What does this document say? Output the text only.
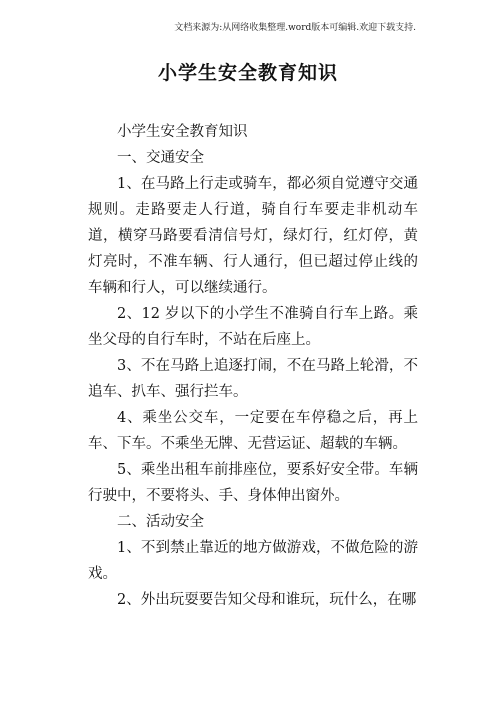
文档来源为:从网络收集整理.word版本可编辑.欢迎下载支持.
小学生安全教育知识

小学生安全教育知识

一、交通安全

1、在马路上行走或骑车，都必须自觉遵守交通规则。走路要走人行道，骑自行车要走非机动车道，横穿马路要看清信号灯，绿灯行，红灯停，黄灯亮时，不准车辆、行人通行，但已超过停止线的车辆和行人，可以继续通行。

2、12 岁以下的小学生不准骑自行车上路。乘坐父母的自行车时，不站在后座上。

3、不在马路上追逐打闹，不在马路上轮滑，不追车、扒车、强行拦车。

4、乘坐公交车，一定要在车停稳之后，再上车、下车。不乘坐无牌、无营运证、超载的车辆。

5、乘坐出租车前排座位，要系好安全带。车辆行驶中，不要将头、手、身体伸出窗外。

二、活动安全

1、不到禁止靠近的地方做游戏，不做危险的游戏。

2、外出玩耍要告知父母和谁玩，玩什么，在哪
